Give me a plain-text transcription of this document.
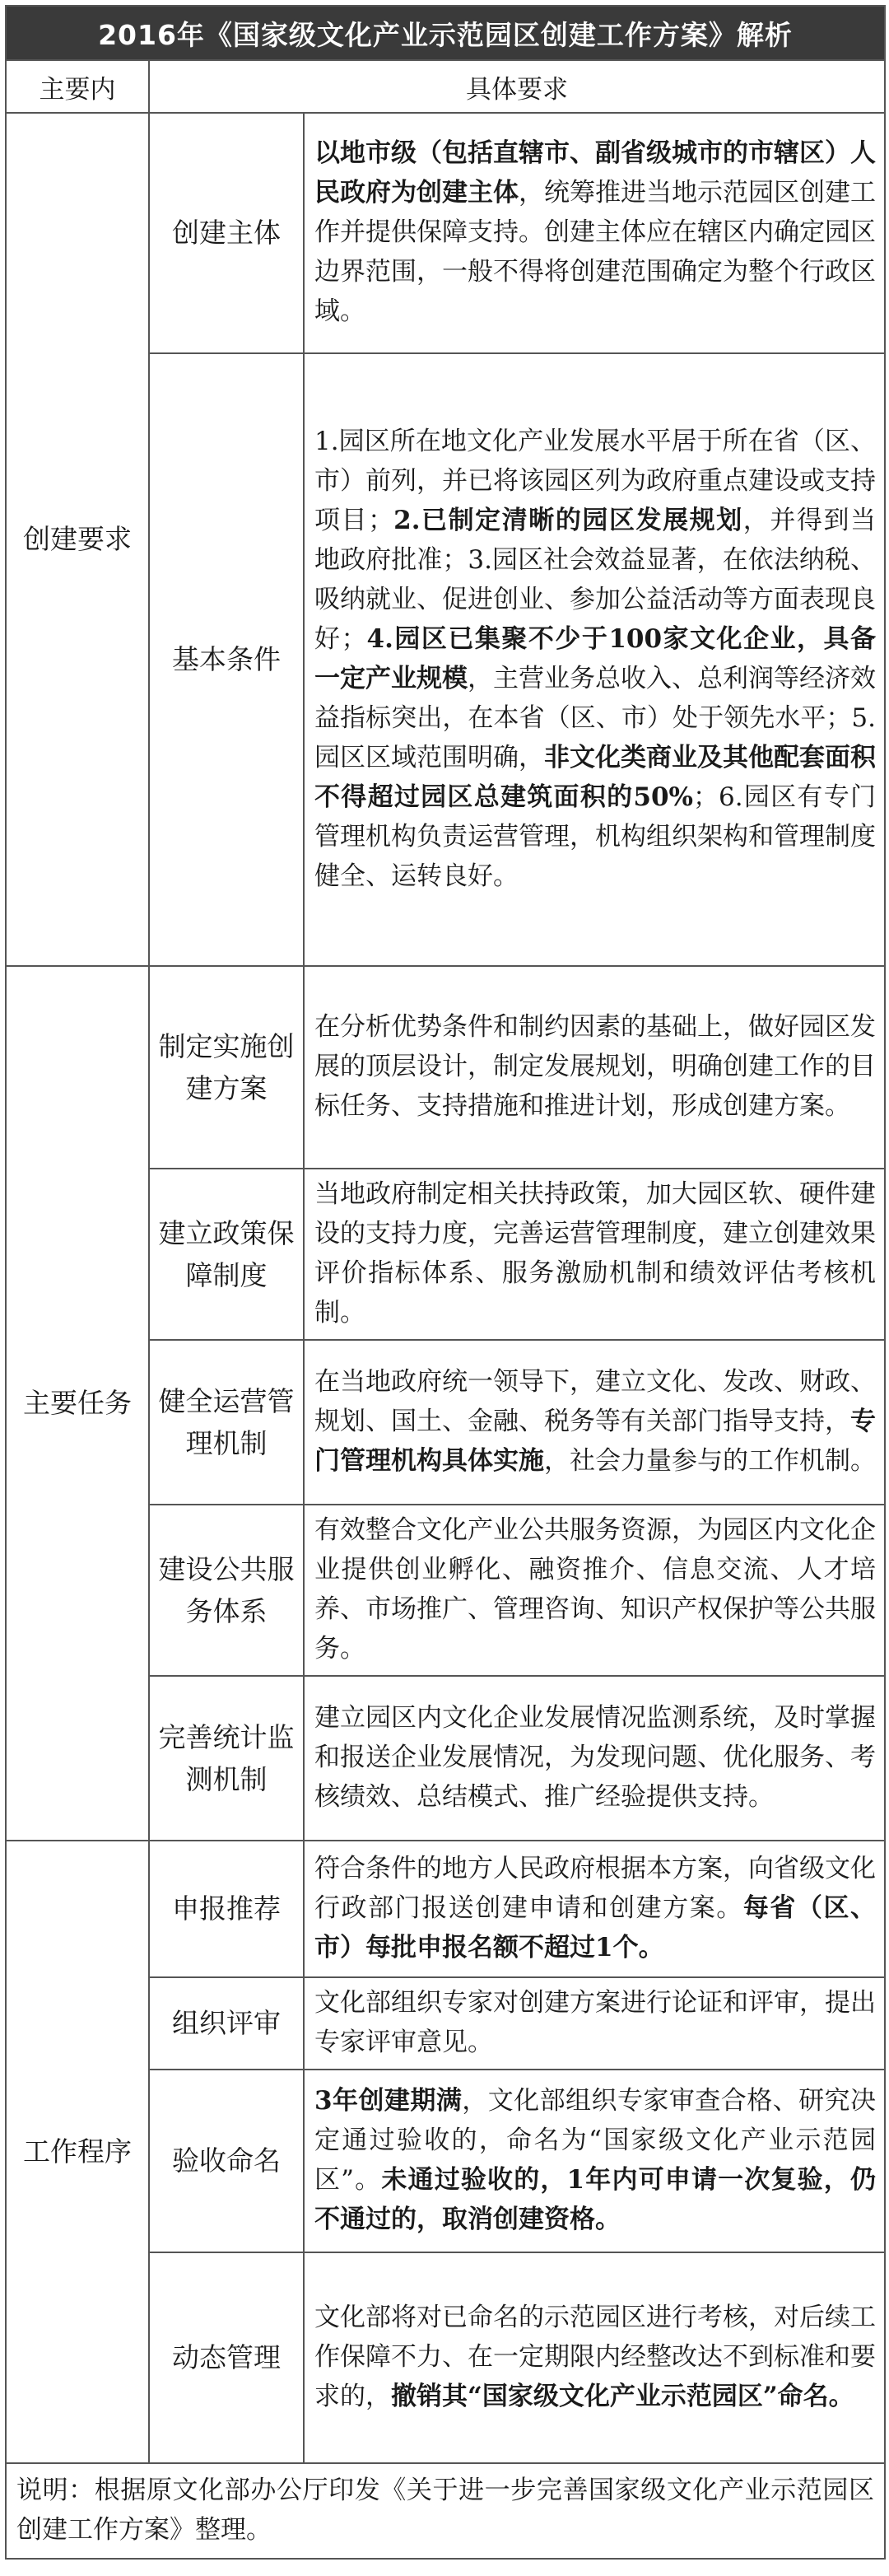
2016年《国家级文化产业示范园区创建工作方案》解析		
主要内	具体要求	
创建要求	创建主体	以地市级（包括直辖市、副省级城市的市辖区）人民政府为创建主体，统筹推进当地示范园区创建工作并提供保障支持。创建主体应在辖区内确定园区边界范围，一般不得将创建范围确定为整个行政区域。
	基本条件	1.园区所在地文化产业发展水平居于所在省（区、市）前列，并已将该园区列为政府重点建设或支持项目；2.已制定清晰的园区发展规划，并得到当地政府批准；3.园区社会效益显著，在依法纳税、吸纳就业、促进创业、参加公益活动等方面表现良好；4.园区已集聚不少于100家文化企业，具备一定产业规模，主营业务总收入、总利润等经济效益指标突出，在本省（区、市）处于领先水平；5.园区区域范围明确，非文化类商业及其他配套面积不得超过园区总建筑面积的50%；6.园区有专门管理机构负责运营管理，机构组织架构和管理制度健全、运转良好。
主要任务	制定实施创建方案	在分析优势条件和制约因素的基础上，做好园区发展的顶层设计，制定发展规划，明确创建工作的目标任务、支持措施和推进计划，形成创建方案。
	建立政策保障制度	当地政府制定相关扶持政策，加大园区软、硬件建设的支持力度，完善运营管理制度，建立创建效果评价指标体系、服务激励机制和绩效评估考核机制。
	健全运营管理机制	在当地政府统一领导下，建立文化、发改、财政、规划、国土、金融、税务等有关部门指导支持，专门管理机构具体实施，社会力量参与的工作机制。
	建设公共服务体系	有效整合文化产业公共服务资源，为园区内文化企业提供创业孵化、融资推介、信息交流、人才培养、市场推广、管理咨询、知识产权保护等公共服务。
	完善统计监测机制	建立园区内文化企业发展情况监测系统，及时掌握和报送企业发展情况，为发现问题、优化服务、考核绩效、总结模式、推广经验提供支持。
工作程序	申报推荐	符合条件的地方人民政府根据本方案，向省级文化行政部门报送创建申请和创建方案。每省（区、市）每批申报名额不超过1个。
	组织评审	文化部组织专家对创建方案进行论证和评审，提出专家评审意见。
	验收命名	3年创建期满，文化部组织专家审查合格、研究决定通过验收的，命名为“国家级文化产业示范园区”。未通过验收的，1年内可申请一次复验，仍不通过的，取消创建资格。
	动态管理	文化部将对已命名的示范园区进行考核，对后续工作保障不力、在一定期限内经整改达不到标准和要求的，撤销其“国家级文化产业示范园区”命名。
说明：根据原文化部办公厅印发《关于进一步完善国家级文化产业示范园区创建工作方案》整理。		
